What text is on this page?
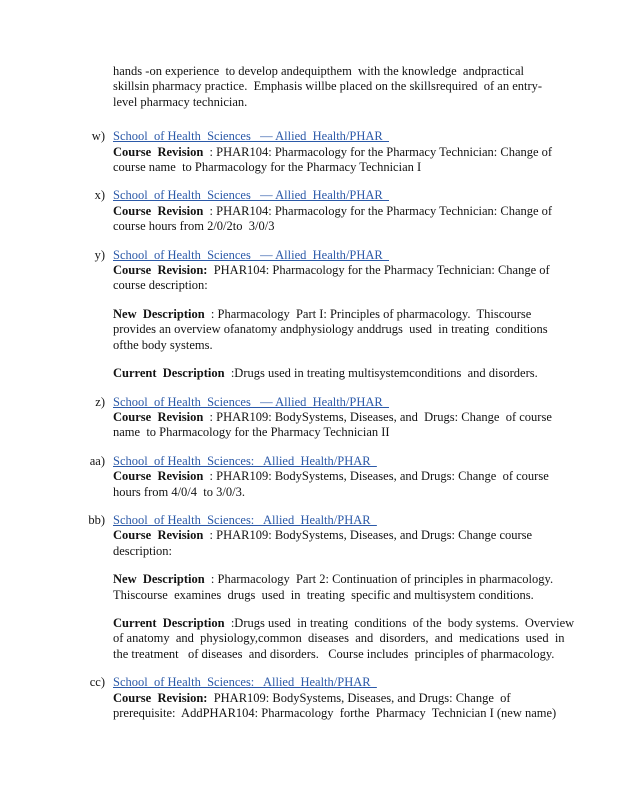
hands -on experience  to develop andequipthem  with the knowledge  andpractical
skillsin pharmacy practice.  Emphasis willbe placed on the skillsrequired  of an entry-
level pharmacy technician.
w) School  of Health  Sciences   — Allied  Health/PHAR
Course  Revision  : PHAR104: Pharmacology for the Pharmacy Technician: Change of
course name  to Pharmacology for the Pharmacy Technician I
x) School  of Health  Sciences   — Allied  Health/PHAR
Course  Revision  : PHAR104: Pharmacology for the Pharmacy Technician: Change of
course hours from 2/0/2to  3/0/3
y) School  of Health  Sciences   — Allied  Health/PHAR
Course  Revision:  PHAR104: Pharmacology for the Pharmacy Technician: Change of
course description:
New  Description  : Pharmacology  Part I: Principles of pharmacology.  Thiscourse
provides an overview ofanatomy andphysiology anddrugs  used  in treating  conditions
ofthe body systems.
Current  Description  :Drugs used in treating multisystemconditions  and disorders.
z) School  of Health  Sciences   — Allied  Health/PHAR
Course  Revision  : PHAR109: BodySystems, Diseases, and  Drugs: Change  of course
name  to Pharmacology for the Pharmacy Technician II
aa) School  of Health  Sciences:   Allied  Health/PHAR
Course  Revision  : PHAR109: BodySystems, Diseases, and Drugs: Change  of course
hours from 4/0/4  to 3/0/3.
bb) School  of Health  Sciences:   Allied  Health/PHAR
Course  Revision  : PHAR109: BodySystems, Diseases, and Drugs: Change course
description:
New  Description  : Pharmacology  Part 2: Continuation of principles in pharmacology.
Thiscourse  examines  drugs  used  in  treating  specific and multisystem conditions.
Current  Description  :Drugs used  in treating  conditions  of the  body systems.  Overview
of anatomy  and  physiology,common  diseases  and  disorders,  and  medications  used  in
the treatment   of diseases  and disorders.   Course includes  principles of pharmacology.
cc) School  of Health  Sciences:   Allied  Health/PHAR
Course  Revision:  PHAR109: BodySystems, Diseases, and Drugs: Change  of
prerequisite:  AddPHAR104: Pharmacology  forthe  Pharmacy  Technician I (new name)
